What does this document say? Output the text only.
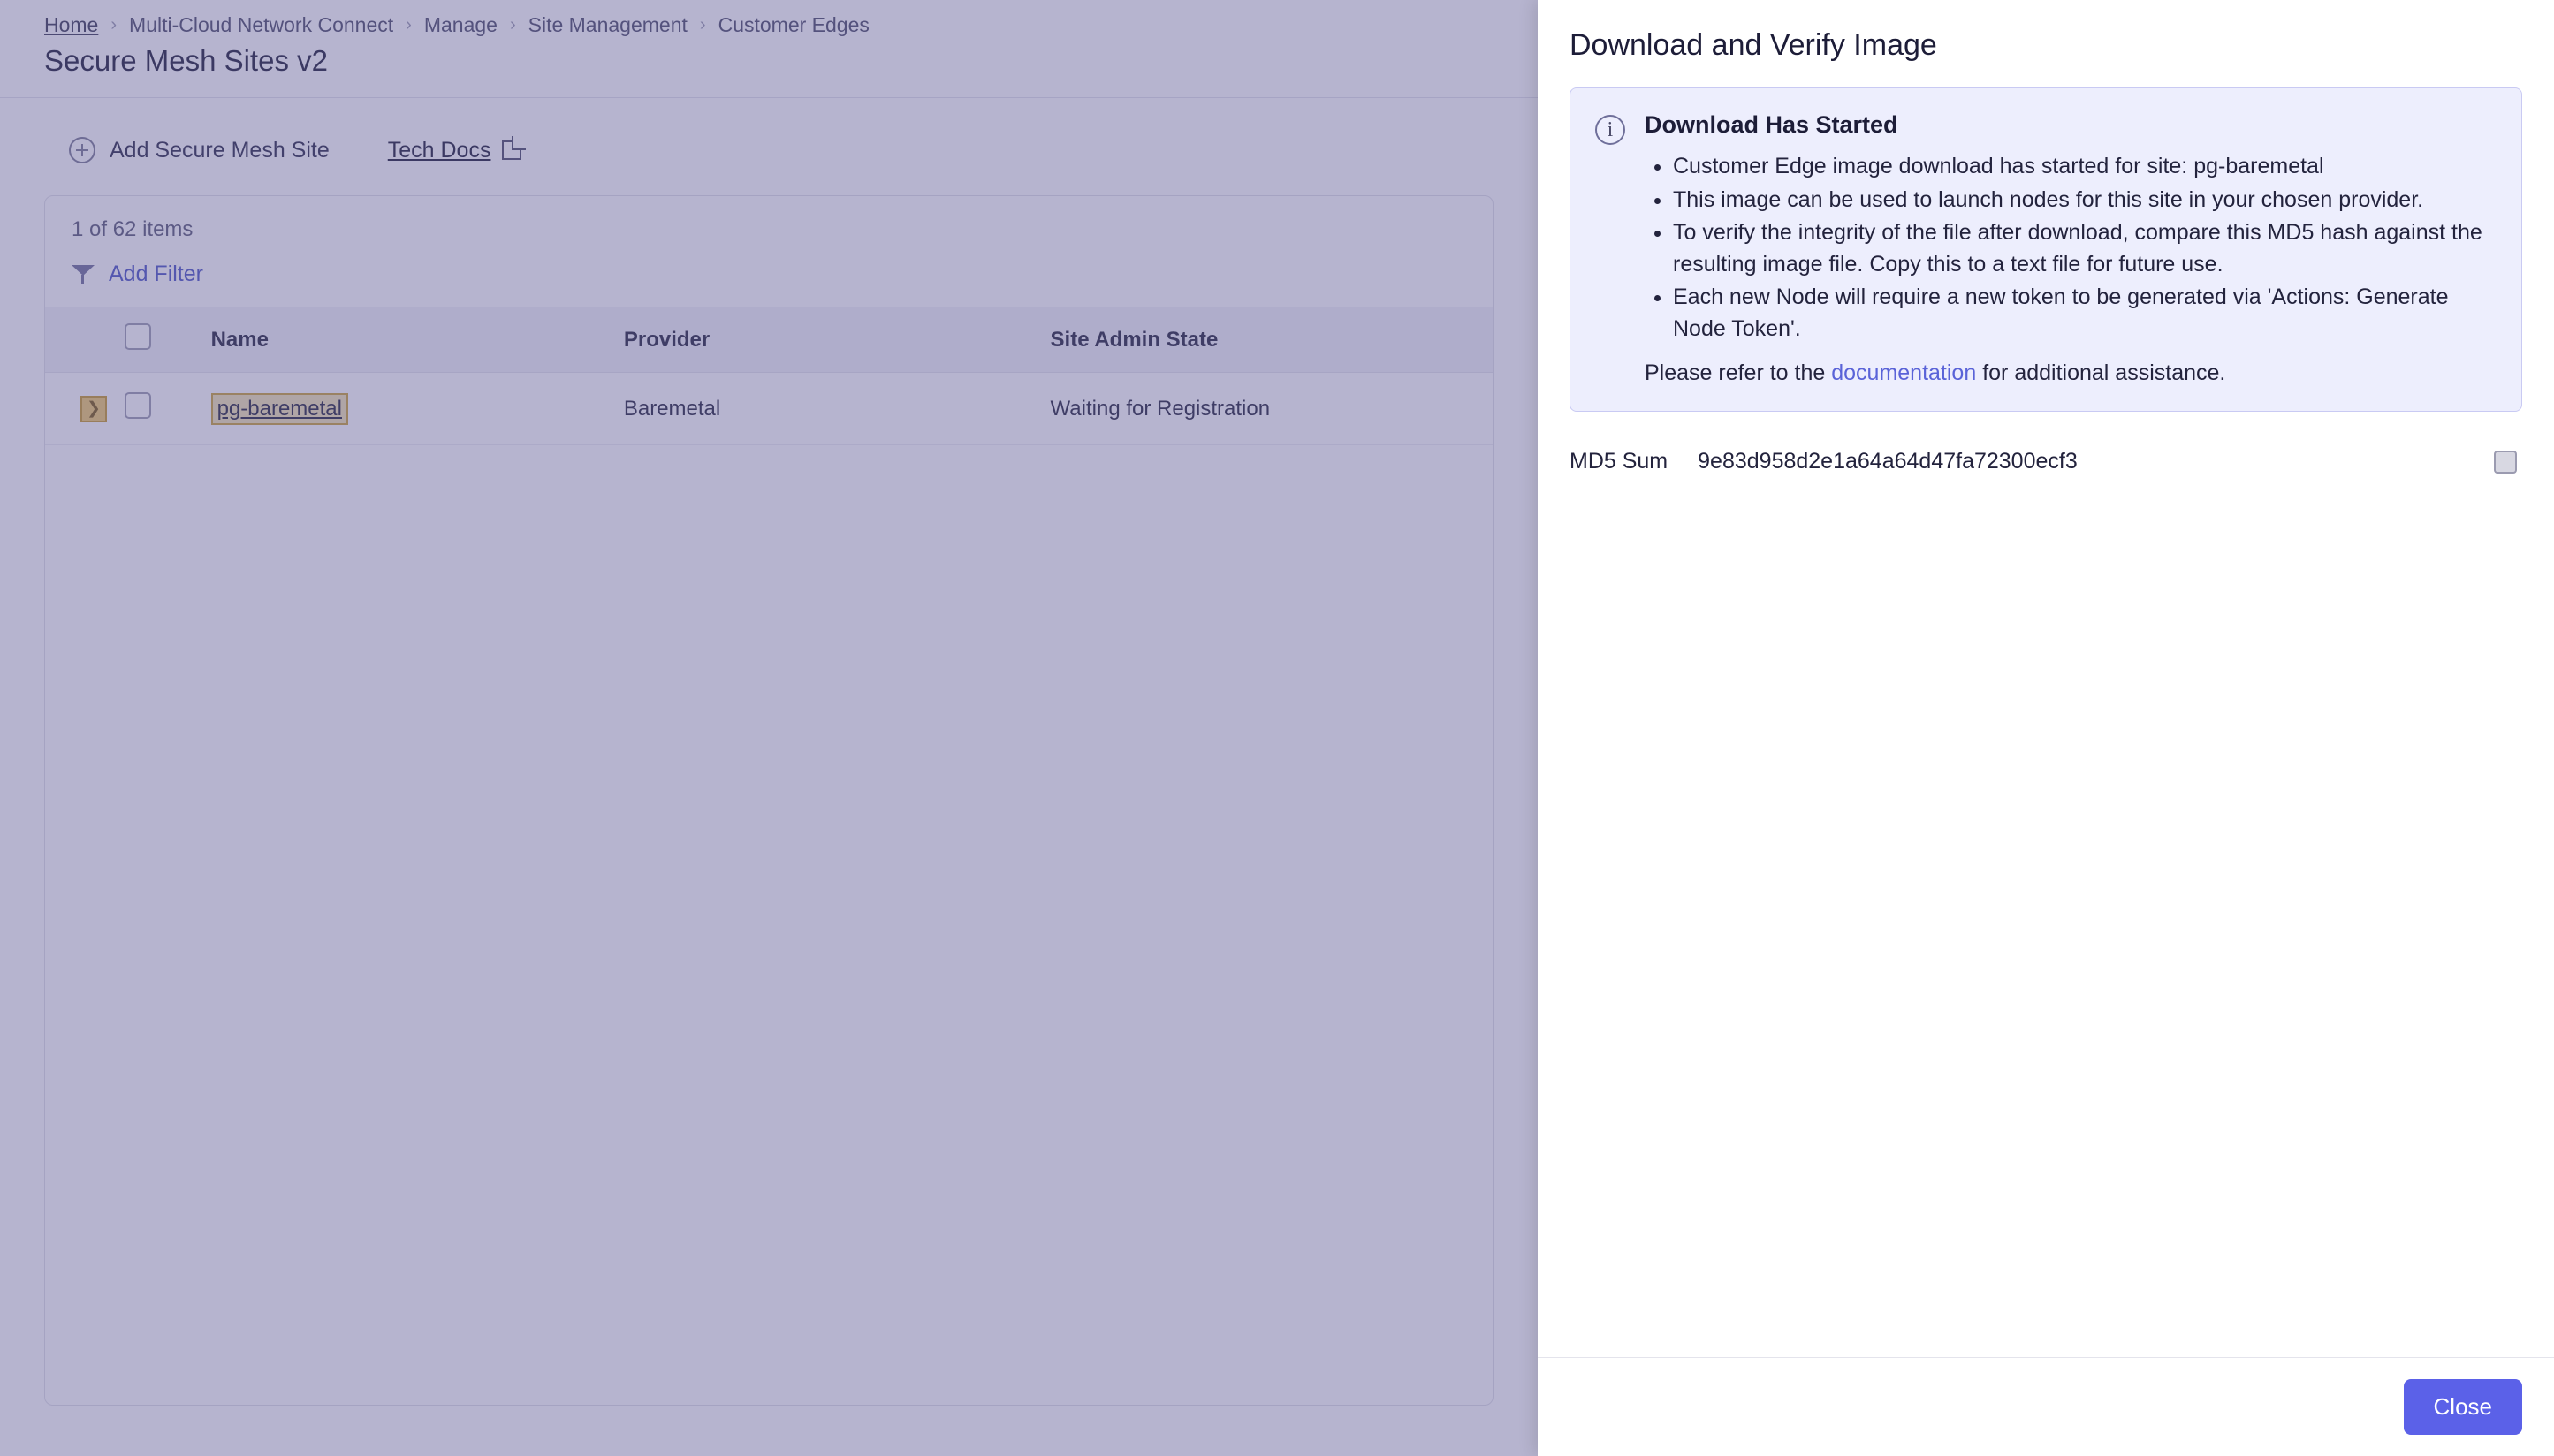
Home › Multi-Cloud Network Connect › Manage › Site Management › Customer Edges
Secure Mesh Sites v2
Add Secure Mesh Site	Tech Docs
1 of 62 items
Add Filter
		Name	Provider	Site Admin State	
❯		pg-baremetal	Baremetal	Waiting for Registration	
Download and Verify Image
i	Download Has Started
• Customer Edge image download has started for site: pg-baremetal
• This image can be used to launch nodes for this site in your chosen provider.
• To verify the integrity of the file after download, compare this MD5 hash against the resulting image file. Copy this to a text file for future use.
• Each new Node will require a new token to be generated via 'Actions: Generate Node Token'.
Please refer to the documentation for additional assistance.
MD5 Sum 9e83d958d2e1a64a64d47fa72300ecf3
Close
